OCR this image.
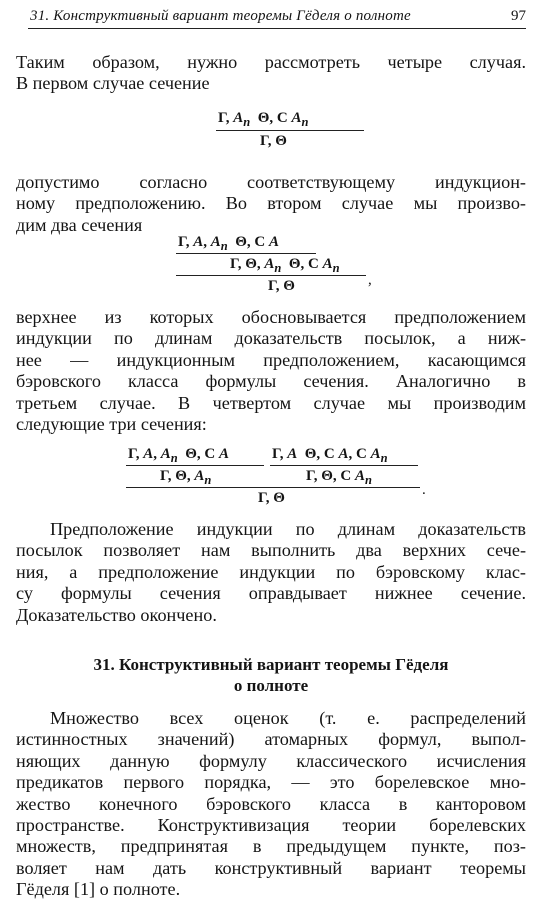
31. Конструктивный вариант теоремы Гёделя о полноте	97
Таким образом, нужно рассмотреть четыре случая.
В первом случае сечение
Γ, $A_n$  Θ, C $A_n$
Γ, Θ
допустимо согласно соответствующему индукцион-
ному предположению. Во втором случае мы произво-
дим два сечения
Γ, A, $A_n$  Θ, C A
Γ, Θ, $A_n$  Θ, C $A_n$
Γ, Θ	,
верхнее из которых обосновывается предположением
индукции по длинам доказательств посылок, а ниж-
нее — индукционным предположением, касающимся
бэровского класса формулы сечения. Аналогично в
третьем случае. В четвертом случае мы производим
следующие три сечения:
Γ, A, $A_n$  Θ, C A
Γ, Θ, $A_n$
Γ, A  Θ, C A, C $A_n$
Γ, Θ, C $A_n$
Γ, Θ	.
Предположение индукции по длинам доказательств
посылок позволяет нам выполнить два верхних сече-
ния, а предположение индукции по бэровскому клас-
су формулы сечения оправдывает нижнее сечение.
Доказательство окончено.
31. Конструктивный вариант теоремы Гёделя
о полноте
Множество всех оценок (т. е. распределений
истинностных значений) атомарных формул, выпол-
няющих данную формулу классического исчисления
предикатов первого порядка, — это борелевское мно-
жество конечного бэровского класса в канторовом
пространстве. Конструктивизация теории борелевских
множеств, предпринятая в предыдущем пункте, поз-
воляет нам дать конструктивный вариант теоремы
Гёделя [1] о полноте.
